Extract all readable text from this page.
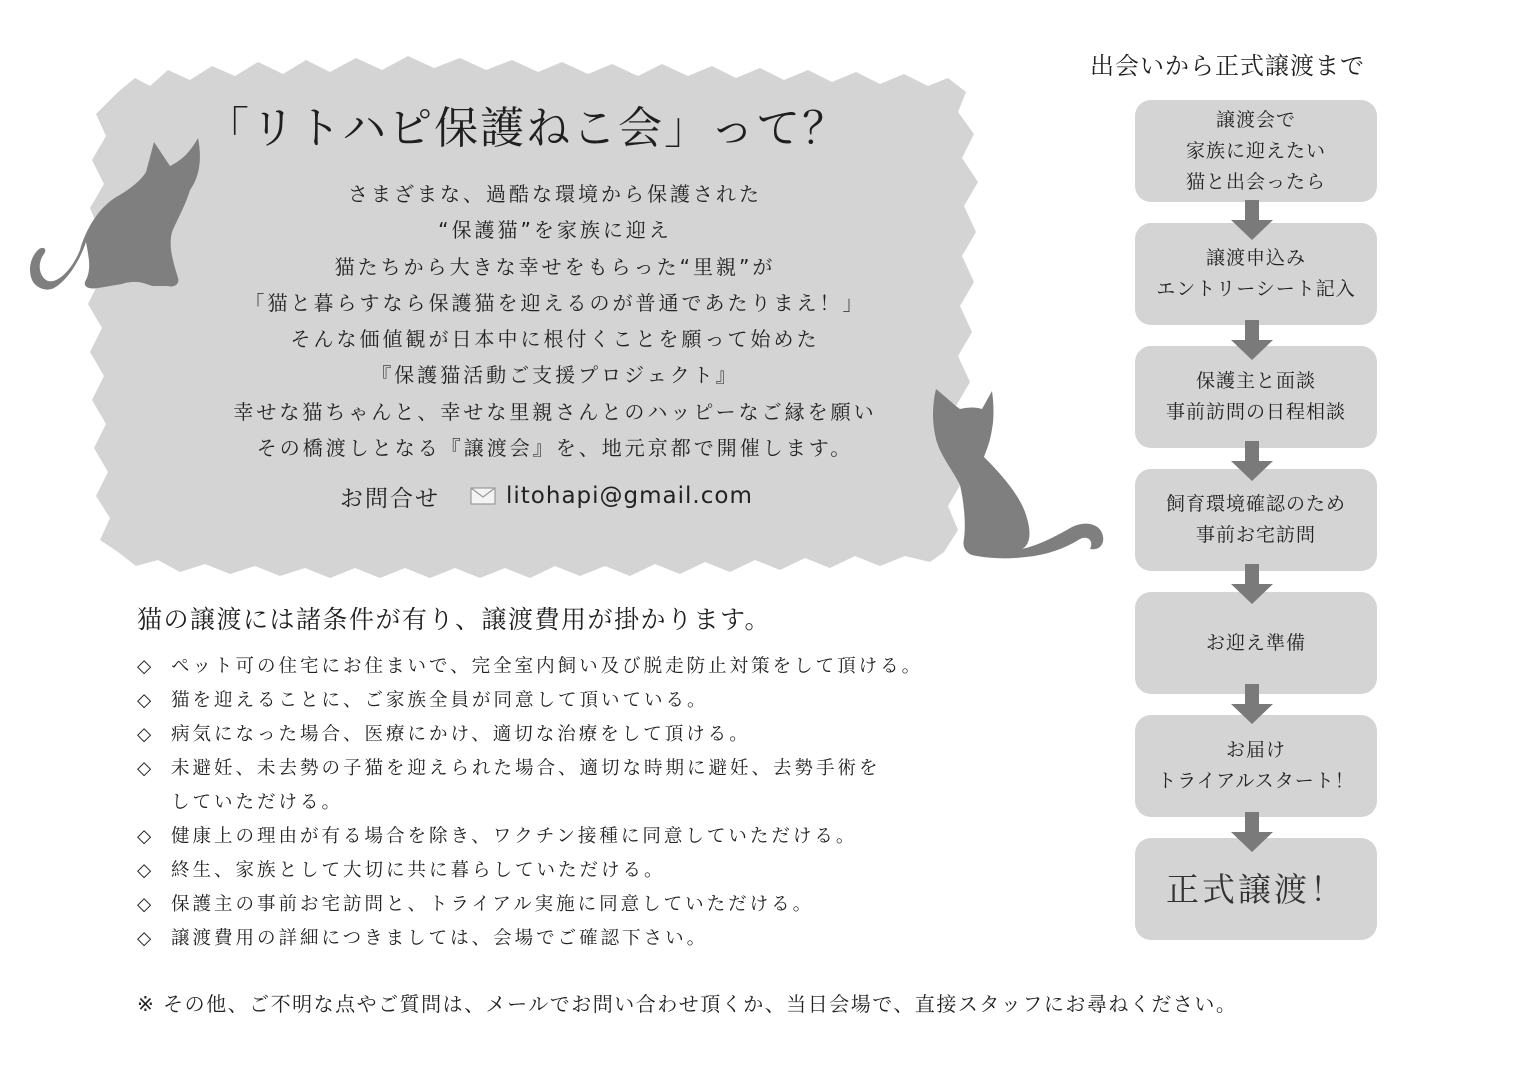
「リトハピ保護ねこ会」って？
さまざまな、過酷な環境から保護された
“保護猫”を家族に迎え
猫たちから大きな幸せをもらった“里親”が
「猫と暮らすなら保護猫を迎えるのが普通であたりまえ！」
そんな価値観が日本中に根付くことを願って始めた
『保護猫活動ご支援プロジェクト』
幸せな猫ちゃんと、幸せな里親さんとのハッピーなご縁を願い
その橋渡しとなる『譲渡会』を、地元京都で開催します。
お問合せ	litohapi@gmail.com
猫の譲渡には諸条件が有り、譲渡費用が掛かります。
◇ ペット可の住宅にお住まいで、完全室内飼い及び脱走防止対策をして頂ける。
◇ 猫を迎えることに、ご家族全員が同意して頂いている。
◇ 病気になった場合、医療にかけ、適切な治療をして頂ける。
◇ 未避妊、未去勢の子猫を迎えられた場合、適切な時期に避妊、去勢手術を
していただける。
◇ 健康上の理由が有る場合を除き、ワクチン接種に同意していただける。
◇ 終生、家族として大切に共に暮らしていただける。
◇ 保護主の事前お宅訪問と、トライアル実施に同意していただける。
◇ 譲渡費用の詳細につきましては、会場でご確認下さい。
※ その他、ご不明な点やご質問は、メールでお問い合わせ頂くか、当日会場で、直接スタッフにお尋ねください。
出会いから正式譲渡まで
譲渡会で
家族に迎えたい
猫と出会ったら
譲渡申込み
エントリーシート記入
保護主と面談
事前訪問の日程相談
飼育環境確認のため
事前お宅訪問
お迎え準備
お届け
トライアルスタート！
正式譲渡！
